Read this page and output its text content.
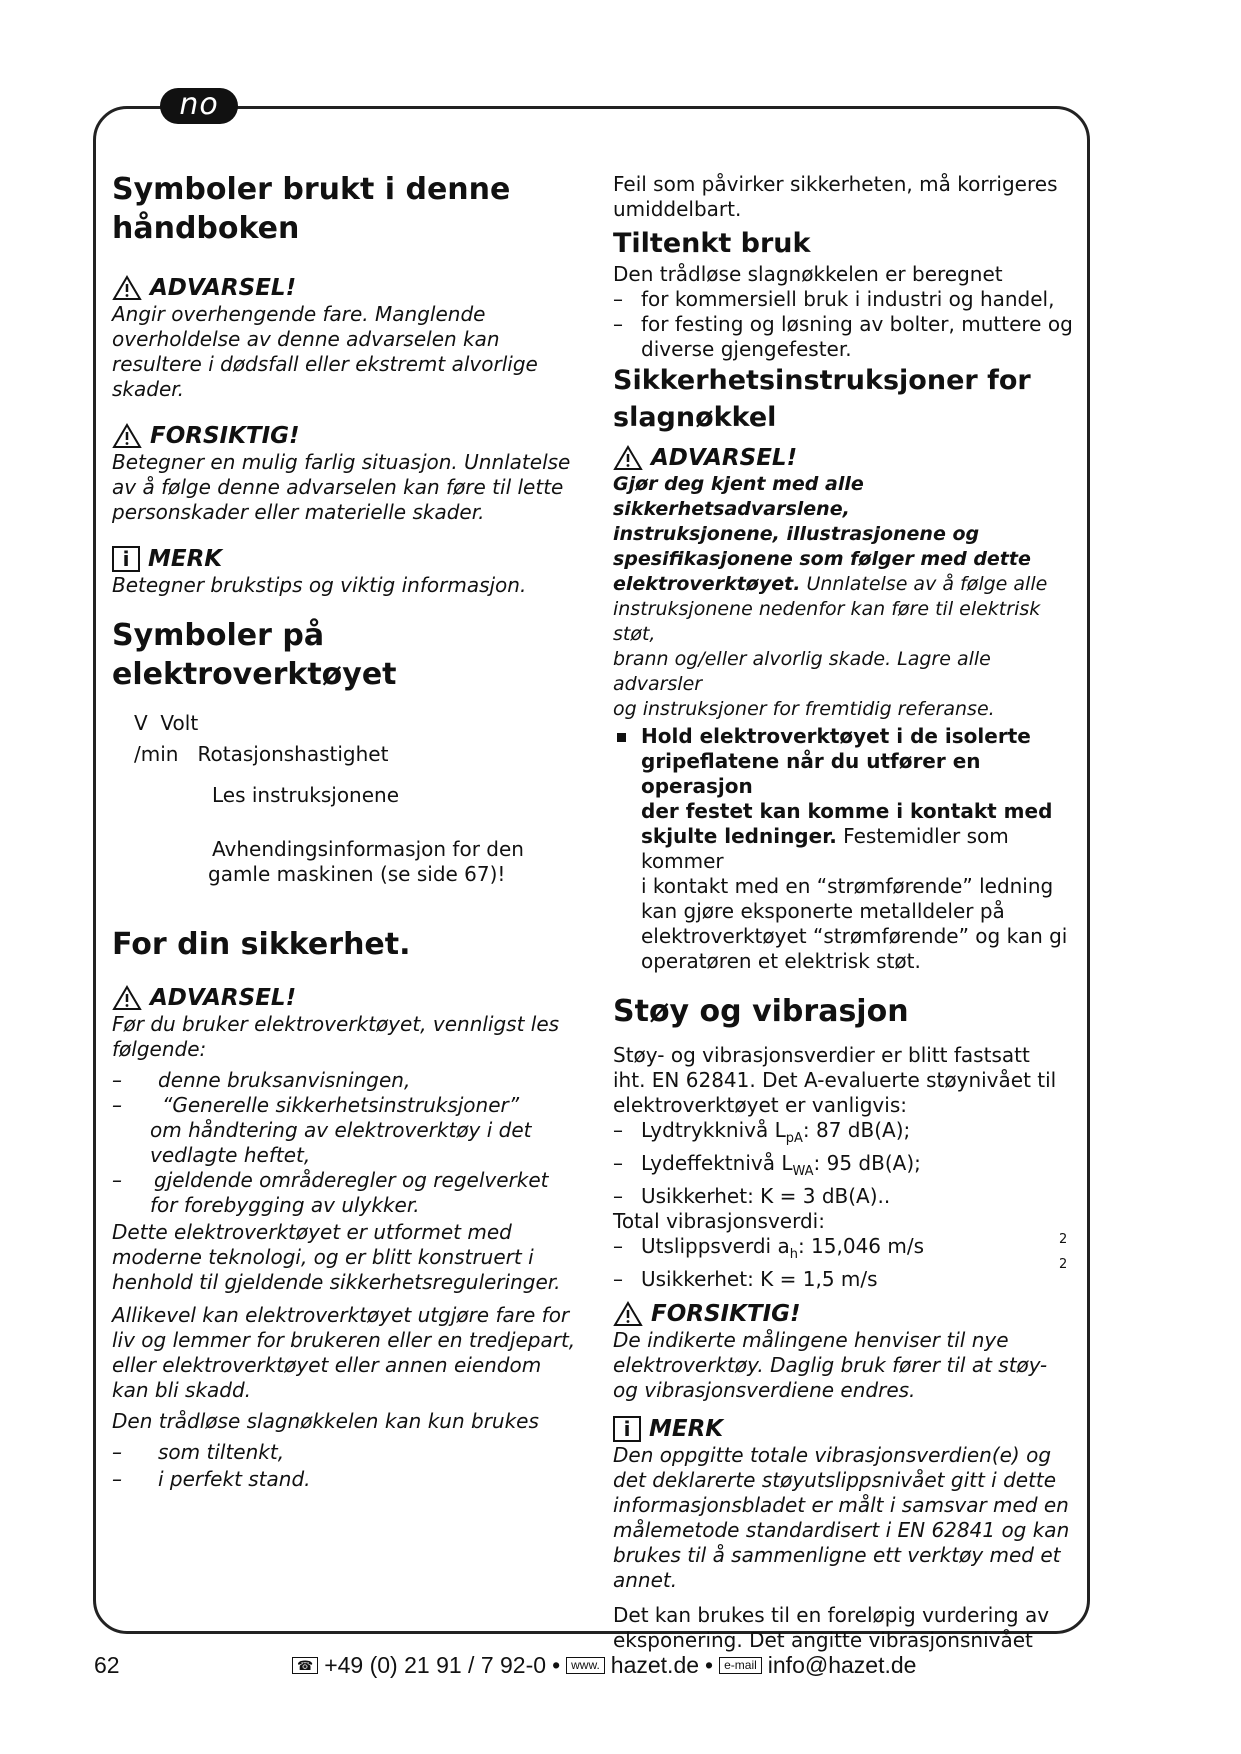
no
Symboler brukt i denne
håndboken
ADVARSEL!

Angir overhengende fare. Manglende

overholdelse av denne advarselen kan

resultere i dødsfall eller ekstremt alvorlige

skader.

FORSIKTIG!

Betegner en mulig farlig situasjon. Unnlatelse

av å følge denne advarselen kan føre til lette

personskader eller materielle skader.

i MERK

Betegner brukstips og viktig informasjon.

Symboler på elektroverktøyet
V Volt
/min Rotasjonshastighet
Les instruksjonene
Avhendingsinformasjon for den
gamle maskinen (se side 67)!
For din sikkerhet.
ADVARSEL!

Før du bruker elektroverktøyet, vennligst les

følgende:

– denne bruksanvisningen,
– “Generelle sikkerhetsinstruksjoner”
om håndtering av elektroverktøy i det
vedlagte heftet,
– gjeldende områderegler og regelverket
for forebygging av ulykker.

Dette elektroverktøyet er utformet med

moderne teknologi, og er blitt konstruert i

henhold til gjeldende sikkerhetsreguleringer.

Allikevel kan elektroverktøyet utgjøre fare for

liv og lemmer for brukeren eller en tredjepart,

eller elektroverktøyet eller annen eiendom

kan bli skadd.

Den trådløse slagnøkkelen kan kun brukes

– som tiltenkt,
– i perfekt stand.

Feil som påvirker sikkerheten, må korrigeres

umiddelbart.

Tiltenkt bruk

Den trådløse slagnøkkelen er beregnet

– for kommersiell bruk i industri og handel,
– for festing og løsning av bolter, muttere og
diverse gjengefester.
Sikkerhetsinstruksjoner for
slagnøkkel
ADVARSEL!

Gjør deg kjent med alle sikkerhetsadvarslene,

instruksjonene, illustrasjonene og

spesifikasjonene som følger med dette

elektroverktøyet. Unnlatelse av å følge alle

instruksjonene nedenfor kan føre til elektrisk støt,

brann og/eller alvorlig skade. Lagre alle advarsler

og instruksjoner for fremtidig referanse.

Hold elektroverktøyet i de isolerte
gripeflatene når du utfører en operasjon
der festet kan komme i kontakt med
skjulte ledninger. Festemidler som kommer
i kontakt med en “strømførende” ledning
kan gjøre eksponerte metalldeler på
elektroverktøyet “strømførende” og kan gi
operatøren et elektrisk støt.
Støy og vibrasjon

Støy- og vibrasjonsverdier er blitt fastsatt

iht. EN 62841. Det A-evaluerte støynivået til

elektroverktøyet er vanligvis:

– Lydtrykknivå $L_{pA}$: 87 dB(A);
– Lydeffektnivå $L_{WA}$: 95 dB(A);
– Usikkerhet: K = 3 dB(A)..

Total vibrasjonsverdi:

– Utslippsverdi $a_h$: 15,046 m/s
– Usikkerhet: K = 1,5 m/s
2
2
FORSIKTIG!

De indikerte målingene henviser til nye

elektroverktøy. Daglig bruk fører til at støy-

og vibrasjonsverdiene endres.

i MERK

Den oppgitte totale vibrasjonsverdien(e) og

det deklarerte støyutslippsnivået gitt i dette

informasjonsbladet er målt i samsvar med en

målemetode standardisert i EN 62841 og kan

brukes til å sammenligne ett verktøy med et

annet.

Det kan brukes til en foreløpig vurdering av

eksponering. Det angitte vibrasjonsnivået

62	☎ +49 (0) 21 91 / 7 92-0 • www. hazet.de • e-mail info@hazet.de
